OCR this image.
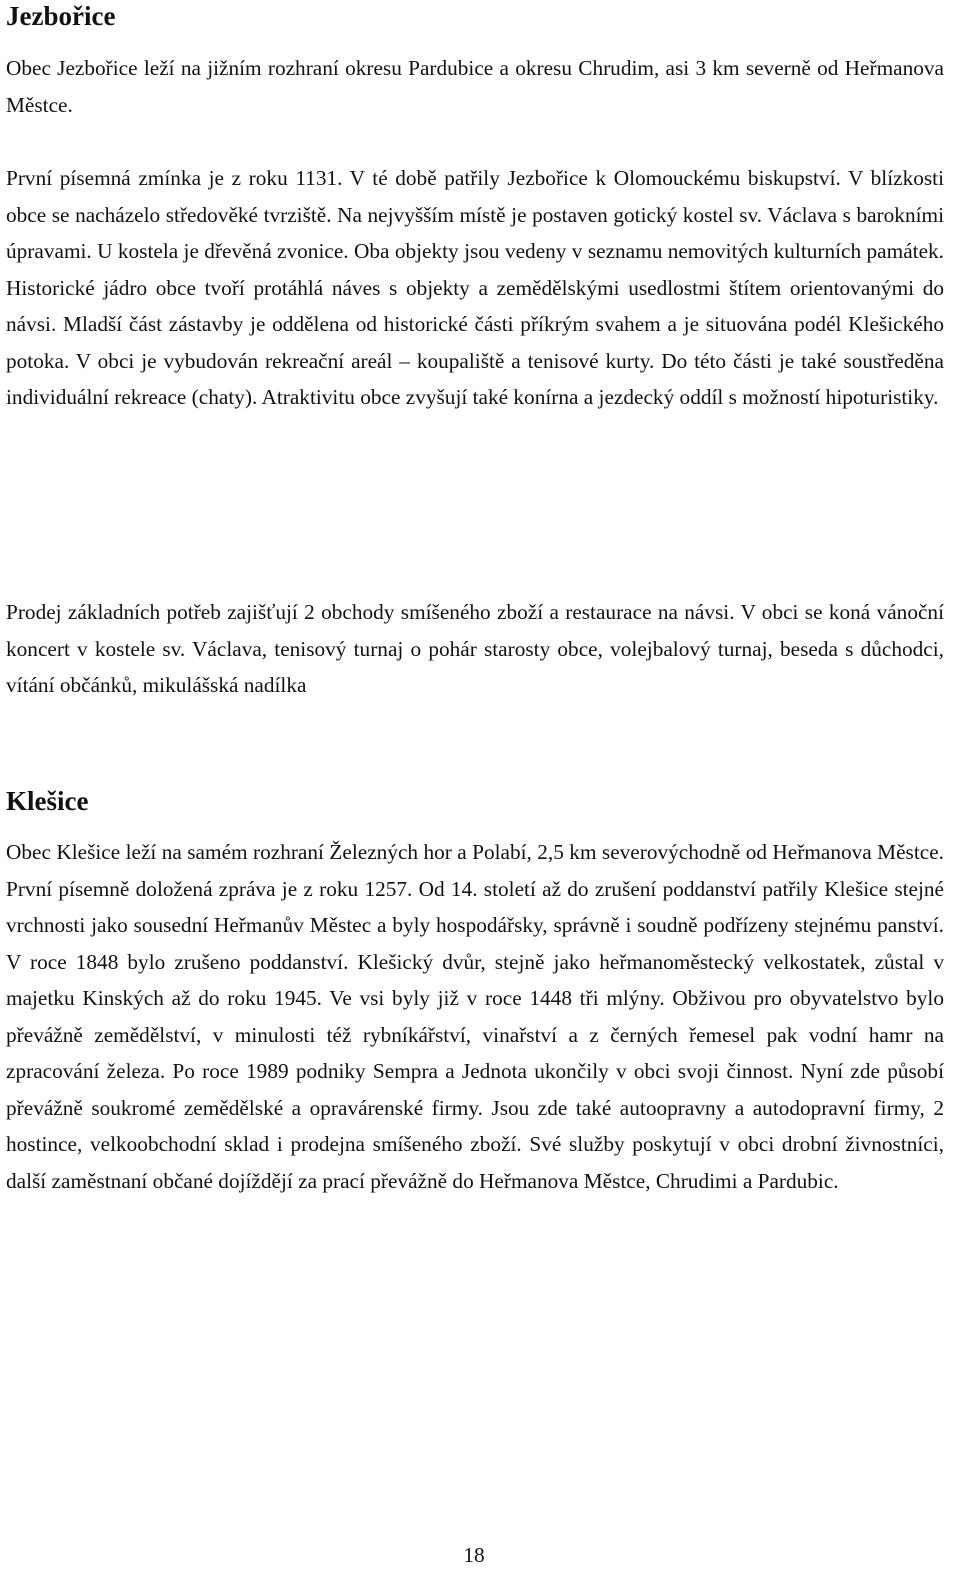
Jezbořice

Obec Jezbořice leží na jižním rozhraní okresu Pardubice a okresu Chrudim, asi 3 km severně od Heřmanova Městce.

První písemná zmínka je z roku 1131. V té době patřily Jezbořice k Olomouckému biskupství. V blízkosti obce se nacházelo středověké tvrziště. Na nejvyšším místě je postaven gotický kostel sv. Václava s barokními úpravami. U kostela je dřevěná zvonice. Oba objekty jsou vedeny v seznamu nemovitých kulturních památek. Historické jádro obce tvoří protáhlá náves s objekty a zemědělskými usedlostmi štítem orientovanými do návsi. Mladší část zástavby je oddělena od historické části příkrým svahem a je situována podél Klešického potoka. V obci je vybudován rekreační areál – koupaliště a tenisové kurty. Do této části je také soustředěna individuální rekreace (chaty). Atraktivitu obce zvyšují také konírna a jezdecký oddíl s možností hipoturistiky.

Prodej základních potřeb zajišťují 2 obchody smíšeného zboží a restaurace na návsi. V obci se koná vánoční koncert v kostele sv. Václava, tenisový turnaj o pohár starosty obce, volejbalový turnaj, beseda s důchodci, vítání občánků, mikulášská nadílka

Klešice

Obec Klešice leží na samém rozhraní Železných hor a Polabí, 2,5 km severovýchodně od Heřmanova Městce. První písemně doložená zpráva je z roku 1257. Od 14. století až do zrušení poddanství patřily Klešice stejné vrchnosti jako sousední Heřmanův Městec a byly hospodářsky, správně i soudně podřízeny stejnému panství. V roce 1848 bylo zrušeno poddanství. Klešický dvůr, stejně jako heřmanoměstecký velkostatek, zůstal v majetku Kinských až do roku 1945. Ve vsi byly již v roce 1448 tři mlýny. Obživou pro obyvatelstvo bylo převážně zemědělství, v minulosti též rybníkářství, vinařství a z černých řemesel pak vodní hamr na zpracování železa. Po roce 1989 podniky Sempra a Jednota ukončily v obci svoji činnost. Nyní zde působí převážně soukromé zemědělské a opravárenské firmy. Jsou zde také autoopravny a autodopravní firmy, 2 hostince, velkoobchodní sklad i prodejna smíšeného zboží. Své služby poskytují v obci drobní živnostníci, další zaměstnaní občané dojíždějí za prací převážně do Heřmanova Městce, Chrudimi a Pardubic.

18
